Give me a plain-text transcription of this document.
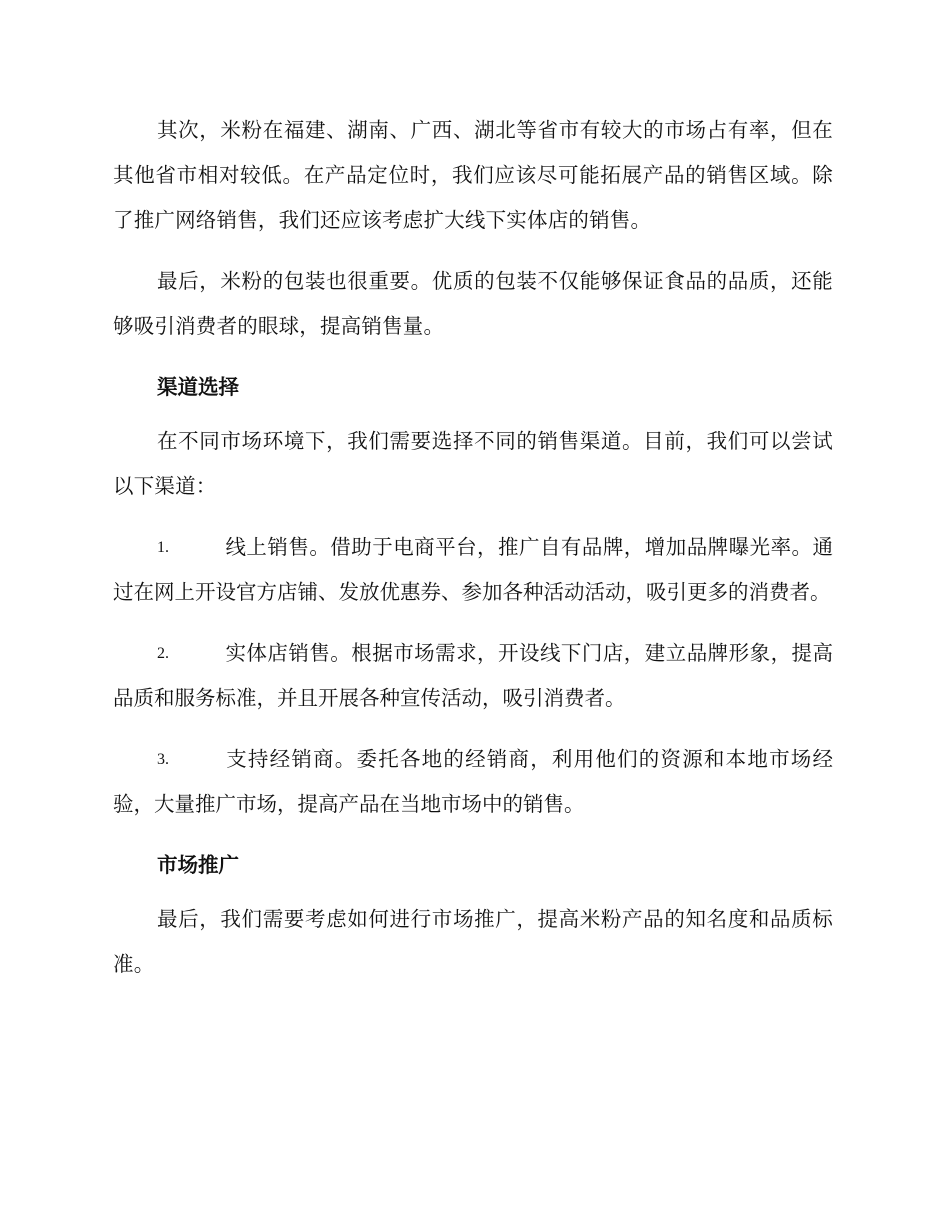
其次，米粉在福建、湖南、广西、湖北等省市有较大的市场占有率，但在其他省市相对较低。在产品定位时，我们应该尽可能拓展产品的销售区域。除了推广网络销售，我们还应该考虑扩大线下实体店的销售。

最后，米粉的包装也很重要。优质的包装不仅能够保证食品的品质，还能够吸引消费者的眼球，提高销售量。

渠道选择

在不同市场环境下，我们需要选择不同的销售渠道。目前，我们可以尝试以下渠道：

1.	线上销售。借助于电商平台，推广自有品牌，增加品牌曝光率。通过在网上开设官方店铺、发放优惠券、参加各种活动活动，吸引更多的消费者。

2.	实体店销售。根据市场需求，开设线下门店，建立品牌形象，提高品质和服务标准，并且开展各种宣传活动，吸引消费者。

3.	支持经销商。委托各地的经销商，利用他们的资源和本地市场经验，大量推广市场，提高产品在当地市场中的销售。

市场推广

最后，我们需要考虑如何进行市场推广，提高米粉产品的知名度和品质标准。
